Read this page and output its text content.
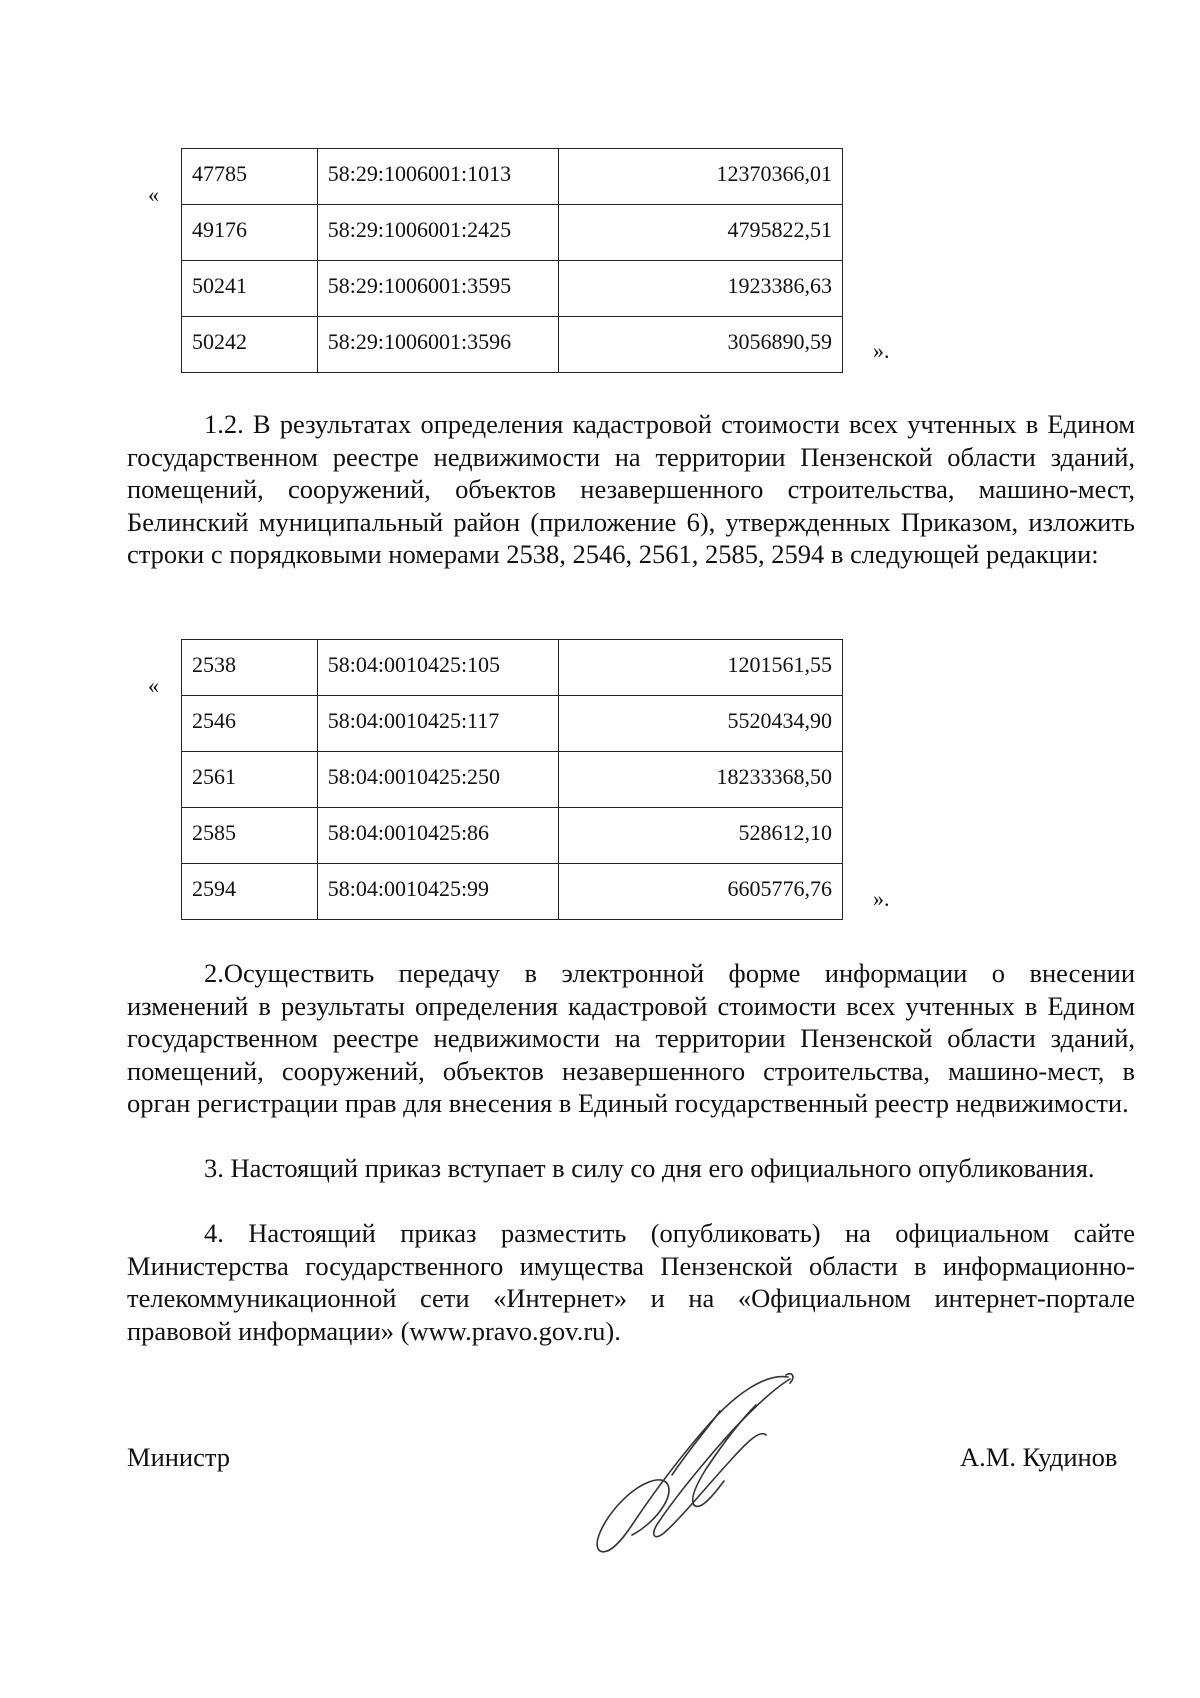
«
47785	58:29:1006001:1013	12370366,01
49176	58:29:1006001:2425	4795822,51
50241	58:29:1006001:3595	1923386,63
50242	58:29:1006001:3596	3056890,59 ».

1.2. В результатах определения кадастровой стоимости всех учтенных в Едином государственном реестре недвижимости на территории Пензенской области зданий, помещений, сооружений, объектов незавершенного строительства, машино-мест, Белинский муниципальный район (приложение 6), утвержденных Приказом, изложить строки с порядковыми номерами 2538, 2546, 2561, 2585, 2594 в следующей редакции:

«
2538	58:04:0010425:105	1201561,55
2546	58:04:0010425:117	5520434,90
2561	58:04:0010425:250	18233368,50
2585	58:04:0010425:86	528612,10
2594	58:04:0010425:99	6605776,76 ».

2.Осуществить передачу в электронной форме информации о внесении изменений в результаты определения кадастровой стоимости всех учтенных в Едином государственном реестре недвижимости на территории Пензенской области зданий, помещений, сооружений, объектов незавершенного строительства, машино-мест, в орган регистрации прав для внесения в Единый государственный реестр недвижимости.

3. Настоящий приказ вступает в силу со дня его официального опубликования.

4. Настоящий приказ разместить (опубликовать) на официальном сайте Министерства государственного имущества Пензенской области в информационно-телекоммуникационной сети «Интернет» и на «Официальном интернет-портале правовой информации» (www.pravo.gov.ru).

Министр	А.М. Кудинов
